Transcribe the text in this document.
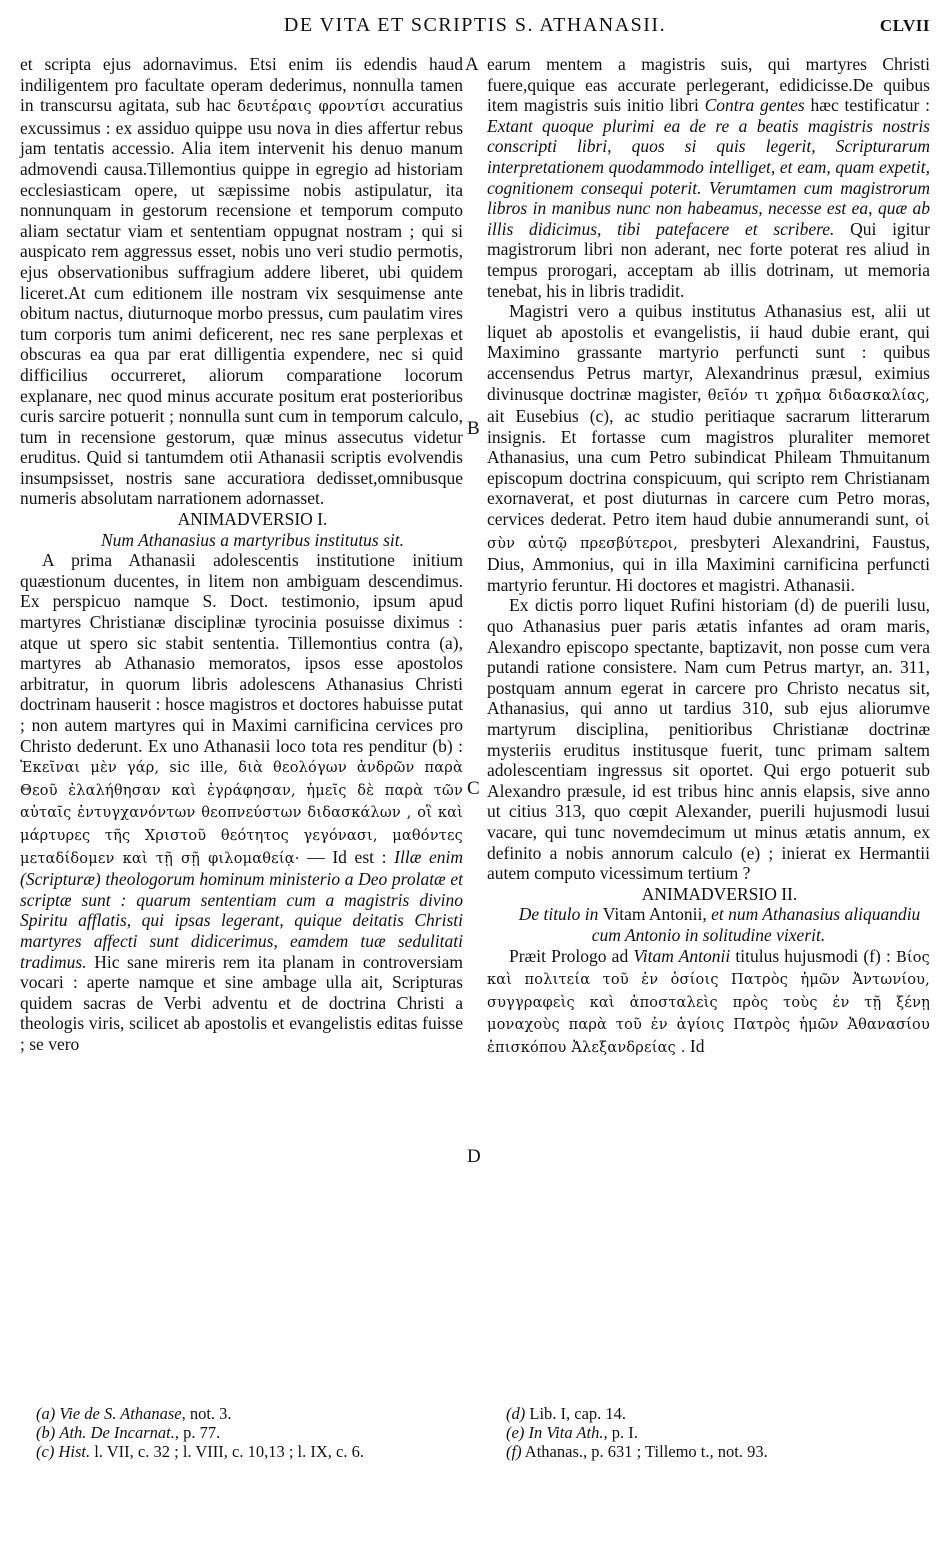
DE VITA ET SCRIPTIS S. ATHANASII.	CLVII
A
B
C
D

et scripta ejus adornavimus. Etsi enim iis edendis haud indiligentem pro facultate operam dederimus, nonnulla tamen in transcursu agitata, sub hac δευτέραις φροντίσι accuratius excussimus : ex assiduo quippe usu nova in dies affertur rebus jam tentatis accessio. Alia item intervenit his denuo manum admovendi causa.Tillemontius quippe in egregio ad historiam ecclesiasticam opere, ut sæpissime nobis astipulatur, ita nonnunquam in gestorum recensione et temporum computo aliam sectatur viam et sententiam oppugnat nostram ; qui si auspicato rem aggressus esset, nobis uno veri studio permotis, ejus observationibus suffragium addere liberet, ubi quidem liceret.At cum editionem ille nostram vix sesquimense ante obitum nactus, diuturnoque morbo pressus, cum paulatim vires tum corporis tum animi deficerent, nec res sane perplexas et obscuras ea qua par erat dilligentia expendere, nec si quid difficilius occurreret, aliorum comparatione locorum explanare, nec quod minus accurate positum erat posterioribus curis sarcire potuerit ; nonnulla sunt cum in temporum calculo, tum in recensione gestorum, quæ minus assecutus videtur eruditus. Quid si tantumdem otii Athanasii scriptis evolvendis insumpsisset, nostris sane accuratiora dedisset,omnibusque numeris absolutam narrationem adornasset.

ANIMADVERSIO I.

Num Athanasius a martyribus institutus sit.

A prima Athanasii adolescentis institutione initium quæstionum ducentes, in litem non ambiguam descendimus. Ex perspicuo namque S. Doct. testimonio, ipsum apud martyres Christianæ disciplinæ tyrocinia posuisse diximus : atque ut spero sic stabit sententia. Tillemontius contra (a), martyres ab Athanasio memoratos, ipsos esse apostolos arbitratur, in quorum libris adolescens Athanasius Christi doctrinam hauserit : hosce magistros et doctores habuisse putat ; non autem martyres qui in Maximi carnificina cervices pro Christo dederunt. Ex uno Athanasii loco tota res penditur (b) : Ἐκεῖναι μὲν γάρ, sic ille, διὰ θεολόγων ἀνδρῶν παρὰ Θεοῦ ἐλαλήθησαν καὶ ἐγράφησαν, ἡμεῖς δὲ παρὰ τῶν αὐταῖς ἐντυγχανόντων θεοπνεύστων διδασκάλων , οἳ καὶ μάρτυρες τῆς Χριστοῦ θεότητος γεγόνασι, μαθόντες μεταδίδομεν καὶ τῇ σῇ φιλομαθείᾳ· — Id est : Illæ enim (Scripturæ) theologorum hominum ministerio a Deo prolatæ et scriptæ sunt : quarum sententiam cum a magistris divino Spiritu afflatis, qui ipsas legerant, quique deitatis Christi martyres affecti sunt didicerimus, eamdem tuæ sedulitati tradimus. Hic sane mireris rem ita planam in controversiam vocari : aperte namque et sine ambage ulla ait, Scripturas quidem sacras de Verbi adventu et de doctrina Christi a theologis viris, scilicet ab apostolis et evangelistis editas fuisse ; se vero

earum mentem a magistris suis, qui martyres Christi fuere,quique eas accurate perlegerant, edidicisse.De quibus item magistris suis initio libri Contra gentes hæc testificatur : Extant quoque plurimi ea de re a beatis magistris nostris conscripti libri, quos si quis legerit, Scripturarum interpretationem quodammodo intelliget, et eam, quam expetit, cognitionem consequi poterit. Verumtamen cum magistrorum libros in manibus nunc non habeamus, necesse est ea, quæ ab illis didicimus, tibi patefacere et scribere. Qui igitur magistrorum libri non aderant, nec forte poterat res aliud in tempus prorogari, acceptam ab illis dotrinam, ut memoria tenebat, his in libris tradidit.

Magistri vero a quibus institutus Athanasius est, alii ut liquet ab apostolis et evangelistis, ii haud dubie erant, qui Maximino grassante martyrio perfuncti sunt : quibus accensendus Petrus martyr, Alexandrinus præsul, eximius divinusque doctrinæ magister, θεῖόν τι χρῆμα διδασκαλίας, ait Eusebius (c), ac studio peritiaque sacrarum litterarum insignis. Et fortasse cum magistros pluraliter memoret Athanasius, una cum Petro subindicat Phileam Thmuitanum episcopum doctrina conspicuum, qui scripto rem Christianam exornaverat, et post diuturnas in carcere cum Petro moras, cervices dederat. Petro item haud dubie annumerandi sunt, οἱ σὺν αὐτῷ πρεσβύτεροι, presbyteri Alexandrini, Faustus, Dius, Ammonius, qui in illa Maximini carnificina perfuncti martyrio feruntur. Hi doctores et magistri. Athanasii.

Ex dictis porro liquet Rufini historiam (d) de puerili lusu, quo Athanasius puer paris ætatis infantes ad oram maris, Alexandro episcopo spectante, baptizavit, non posse cum vera putandi ratione consistere. Nam cum Petrus martyr, an. 311, postquam annum egerat in carcere pro Christo necatus sit, Athanasius, qui anno ut tardius 310, sub ejus aliorumve martyrum disciplina, penitioribus Christianæ doctrinæ mysteriis eruditus institusque fuerit, tunc primam saltem adolescentiam ingressus sit oportet. Qui ergo potuerit sub Alexandro præsule, id est tribus hinc annis elapsis, sive anno ut citius 313, quo cœpit Alexander, puerili hujusmodi lusui vacare, qui tunc novemdecimum ut minus ætatis annum, ex definito a nobis annorum calculo (e) ; inierat ex Hermantii autem computo vicessimum tertium ?

ANIMADVERSIO II.

De titulo in Vitam Antonii, et num Athanasius aliquandiu cum Antonio in solitudine vixerit.

Præit Prologo ad Vitam Antonii titulus hujusmodi (f) : Βίος καὶ πολιτεία τοῦ ἐν ὁσίοις Πατρὸς ἡμῶν Ἀντωνίου, συγγραφεὶς καὶ ἀποσταλεὶς πρὸς τοὺς ἐν τῇ ξένῃ μοναχοὺς παρὰ τοῦ ἐν ἁγίοις Πατρὸς ἡμῶν Ἀθανασίου ἐπισκόπου Ἀλεξανδρείας . Id

(a) Vie de S. Athanase, not. 3.
(b) Ath. De Incarnat., p. 77.
(c) Hist. l. VII, c. 32 ; l. VIII, c. 10,13 ; l. IX, c. 6.
(d) Lib. I, cap. 14.
(e) In Vita Ath., p. I.
(f) Athanas., p. 631 ; Tillemo t., not. 93.
